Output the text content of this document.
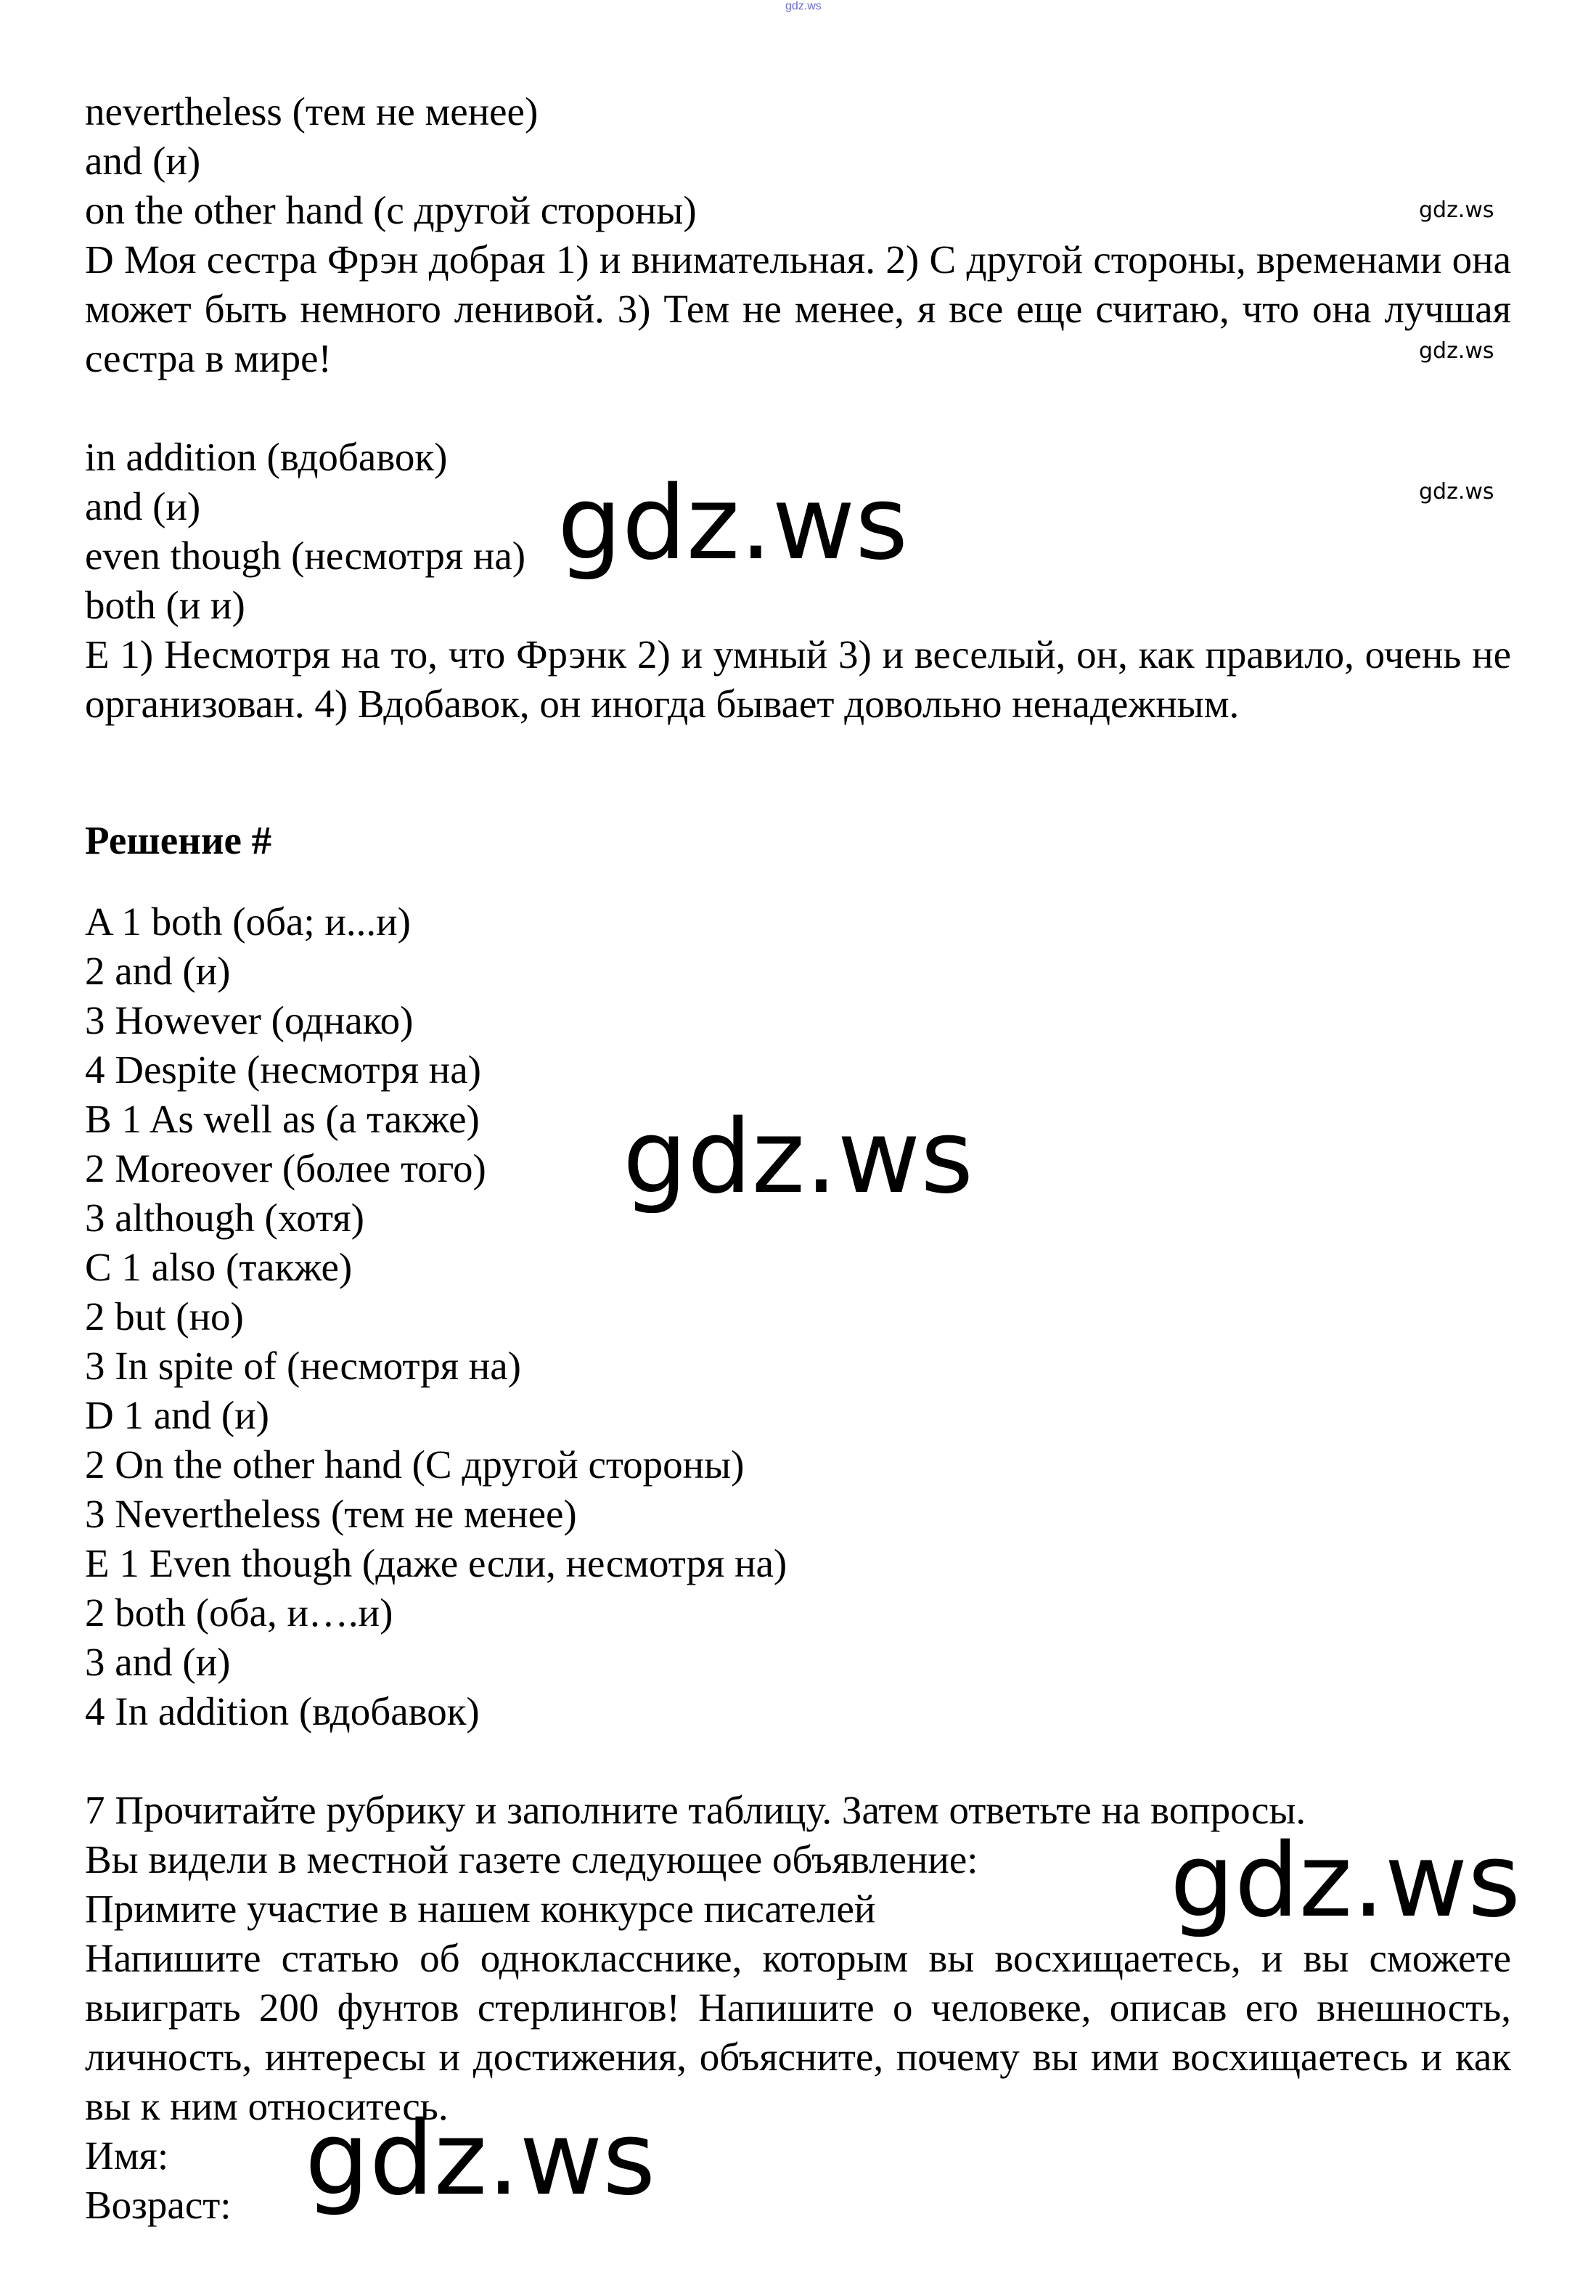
gdz.ws
nevertheless (тем не менее)
and (и)
on the other hand (с другой стороны)
D Моя сестра Фрэн добрая 1) и внимательная. 2) С другой стороны, временами она может быть немного ленивой. 3) Тем не менее, я все еще считаю, что она лучшая сестра в мире!
in addition (вдобавок)
and (и)
even though (несмотря на)
both (и и)
E 1) Несмотря на то, что Фрэнк 2) и умный 3) и веселый, он, как правило, очень не организован. 4) Вдобавок, он иногда бывает довольно ненадежным.
Решение #
A 1 both (оба; и...и)
2 and (и)
3 However (однако)
4 Despite (несмотря на)
B 1 As well as (а также)
2 Moreover (более того)
3 although (хотя)
C 1 also (также)
2 but (но)
3 In spite of (несмотря на)
D 1 and (и)
2 On the other hand (С другой стороны)
3 Nevertheless (тем не менее)
E 1 Even though (даже если, несмотря на)
2 both (оба, и….и)
3 and (и)
4 In addition (вдобавок)
7 Прочитайте рубрику и заполните таблицу. Затем ответьте на вопросы.
Вы видели в местной газете следующее объявление:
Примите участие в нашем конкурсе писателей
Напишите статью об однокласснике, которым вы восхищаетесь, и вы сможете выиграть 200 фунтов стерлингов! Напишите о человеке, описав его внешность, личность, интересы и достижения, объясните, почему вы ими восхищаетесь и как вы к ним относитесь.
Имя:
Возраст:
gdz.ws
gdz.ws
gdz.ws
gdz.ws
gdz.ws
gdz.ws
gdz.ws
